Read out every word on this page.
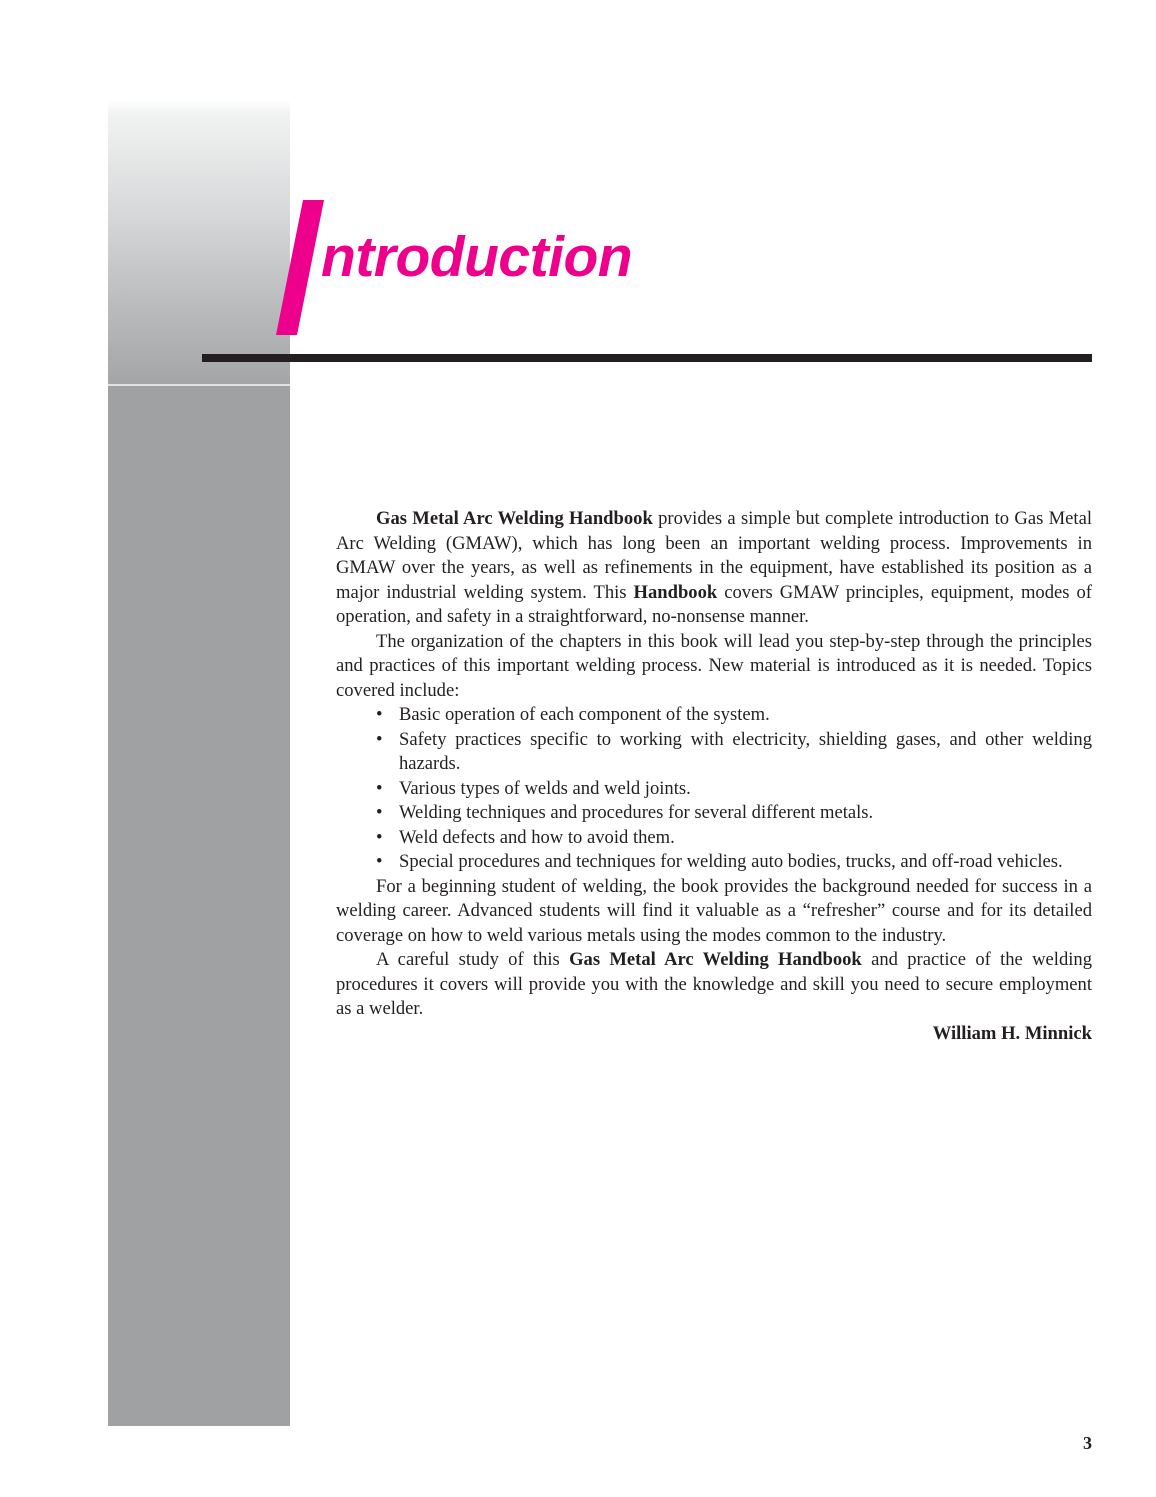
ntroduction

Gas Metal Arc Welding Handbook provides a simple but complete introduction to Gas Metal Arc Welding (GMAW), which has long been an important welding process. Improvements in GMAW over the years, as well as refinements in the equipment, have established its position as a major industrial welding system. This Handbook covers GMAW principles, equipment, modes of operation, and safety in a straightforward, no-nonsense manner.

The organization of the chapters in this book will lead you step-by-step through the principles and practices of this important welding process. New material is introduced as it is needed. Topics covered include:

• Basic operation of each component of the system.
• Safety practices specific to working with electricity, shielding gases, and other welding hazards.
• Various types of welds and weld joints.
• Welding techniques and procedures for several different metals.
• Weld defects and how to avoid them.
• Special procedures and techniques for welding auto bodies, trucks, and off-road vehicles.

For a beginning student of welding, the book provides the background needed for success in a welding career. Advanced students will find it valuable as a “refresher” course and for its detailed coverage on how to weld various metals using the modes common to the industry.

A careful study of this Gas Metal Arc Welding Handbook and practice of the welding procedures it covers will provide you with the knowledge and skill you need to secure employment as a welder.

William H. Minnick
3
